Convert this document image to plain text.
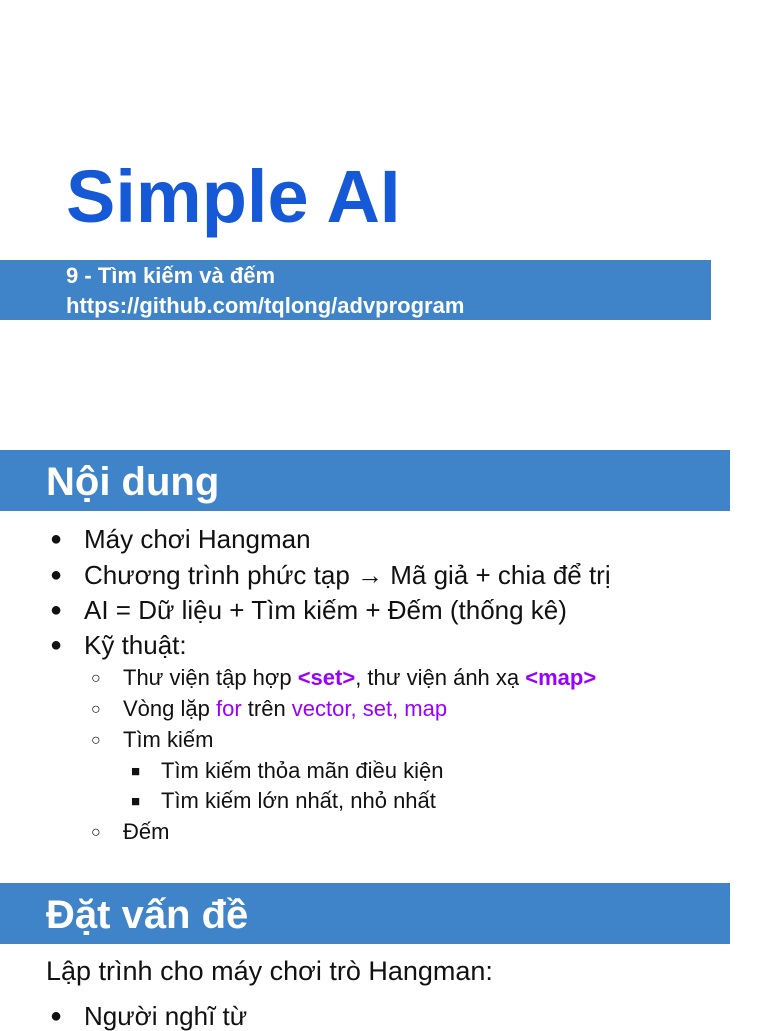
Simple AI
9 - Tìm kiếm và đếm
https://github.com/tqlong/advprogram
Nội dung
● Máy chơi Hangman
● Chương trình phức tạp → Mã giả + chia để trị
● AI = Dữ liệu + Tìm kiếm + Đếm (thống kê)
● Kỹ thuật:
○ Thư viện tập hợp <set>, thư viện ánh xạ <map>
○ Vòng lặp for trên vector, set, map
○ Tìm kiếm
■ Tìm kiếm thỏa mãn điều kiện
■ Tìm kiếm lớn nhất, nhỏ nhất
○ Đếm
Đặt vấn đề
Lập trình cho máy chơi trò Hangman:
● Người nghĩ từ
